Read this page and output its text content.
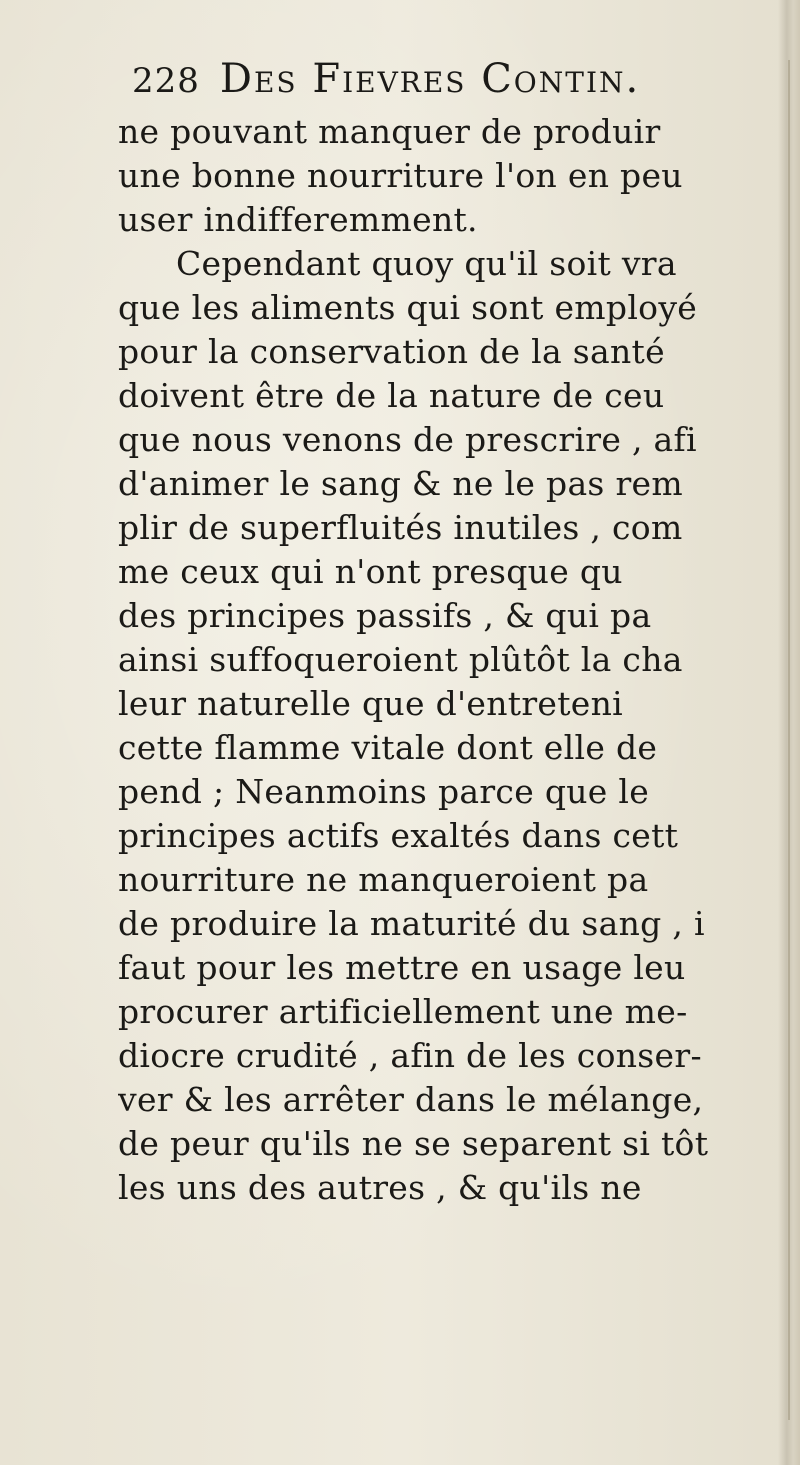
228 Des Fievres Contin.
ne pouvant manquer de produir
une bonne nourriture l'on en peu
user indifferemment.
Cependant quoy qu'il soit vra
que les aliments qui sont employé
pour la conservation de la santé
doivent être de la nature de ceu
que nous venons de prescrire , afi
d'animer le sang & ne le pas rem
plir de superfluités inutiles , com
me ceux qui n'ont presque qu
des principes passifs , & qui pa
ainsi suffoqueroient plûtôt la cha
leur naturelle que d'entreteni
cette flamme vitale dont elle de
pend ; Neanmoins parce que le
principes actifs exaltés dans cett
nourriture ne manqueroient pa
de produire la maturité du sang , i
faut pour les mettre en usage leu
procurer artificiellement une me-
diocre crudité , afin de les conser-
ver & les arrêter dans le mélange,
de peur qu'ils ne se separent si tôt
les uns des autres , & qu'ils ne
